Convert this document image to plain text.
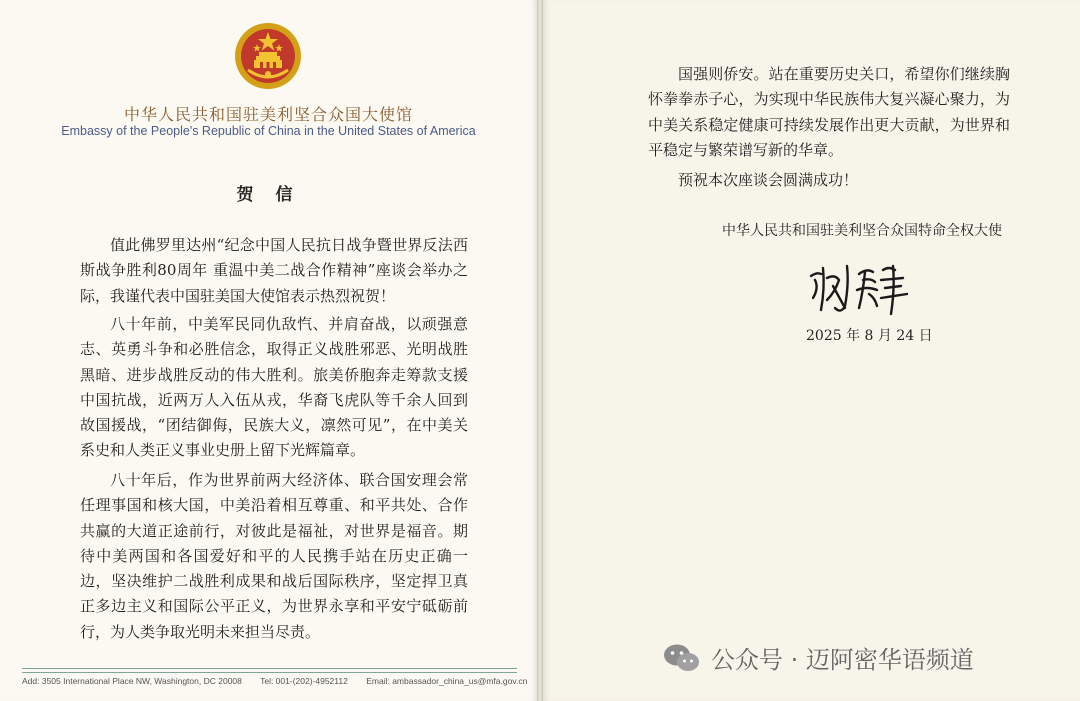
中华人民共和国驻美利坚合众国大使馆
Embassy of the People's Republic of China in the United States of America
贺 信

值此佛罗里达州“纪念中国人民抗日战争暨世界反法西斯战争胜利80周年 重温中美二战合作精神”座谈会举办之际，我谨代表中国驻美国大使馆表示热烈祝贺！

八十年前，中美军民同仇敌忾、并肩奋战，以顽强意志、英勇斗争和必胜信念，取得正义战胜邪恶、光明战胜黑暗、进步战胜反动的伟大胜利。旅美侨胞奔走筹款支援中国抗战，近两万人入伍从戎，华裔飞虎队等千余人回到故国援战，“团结御侮，民族大义，凛然可见”，在中美关系史和人类正义事业史册上留下光辉篇章。

八十年后，作为世界前两大经济体、联合国安理会常任理事国和核大国，中美沿着相互尊重、和平共处、合作共赢的大道正途前行，对彼此是福祉，对世界是福音。期待中美两国和各国爱好和平的人民携手站在历史正确一边，坚决维护二战胜利成果和战后国际秩序，坚定捍卫真正多边主义和国际公平正义，为世界永享和平安宁砥砺前行，为人类争取光明未来担当尽责。

Add: 3505 International Place NW, Washington, DC 20008 Tel: 001-(202)-4952112 Email: ambassador_china_us@mfa.gov.cn

国强则侨安。站在重要历史关口，希望你们继续胸怀拳拳赤子心，为实现中华民族伟大复兴凝心聚力，为中美关系稳定健康可持续发展作出更大贡献，为世界和平稳定与繁荣谱写新的华章。

预祝本次座谈会圆满成功！

中华人民共和国驻美利坚合众国特命全权大使
2025 年 8 月 24 日
公众号 · 迈阿密华语频道
